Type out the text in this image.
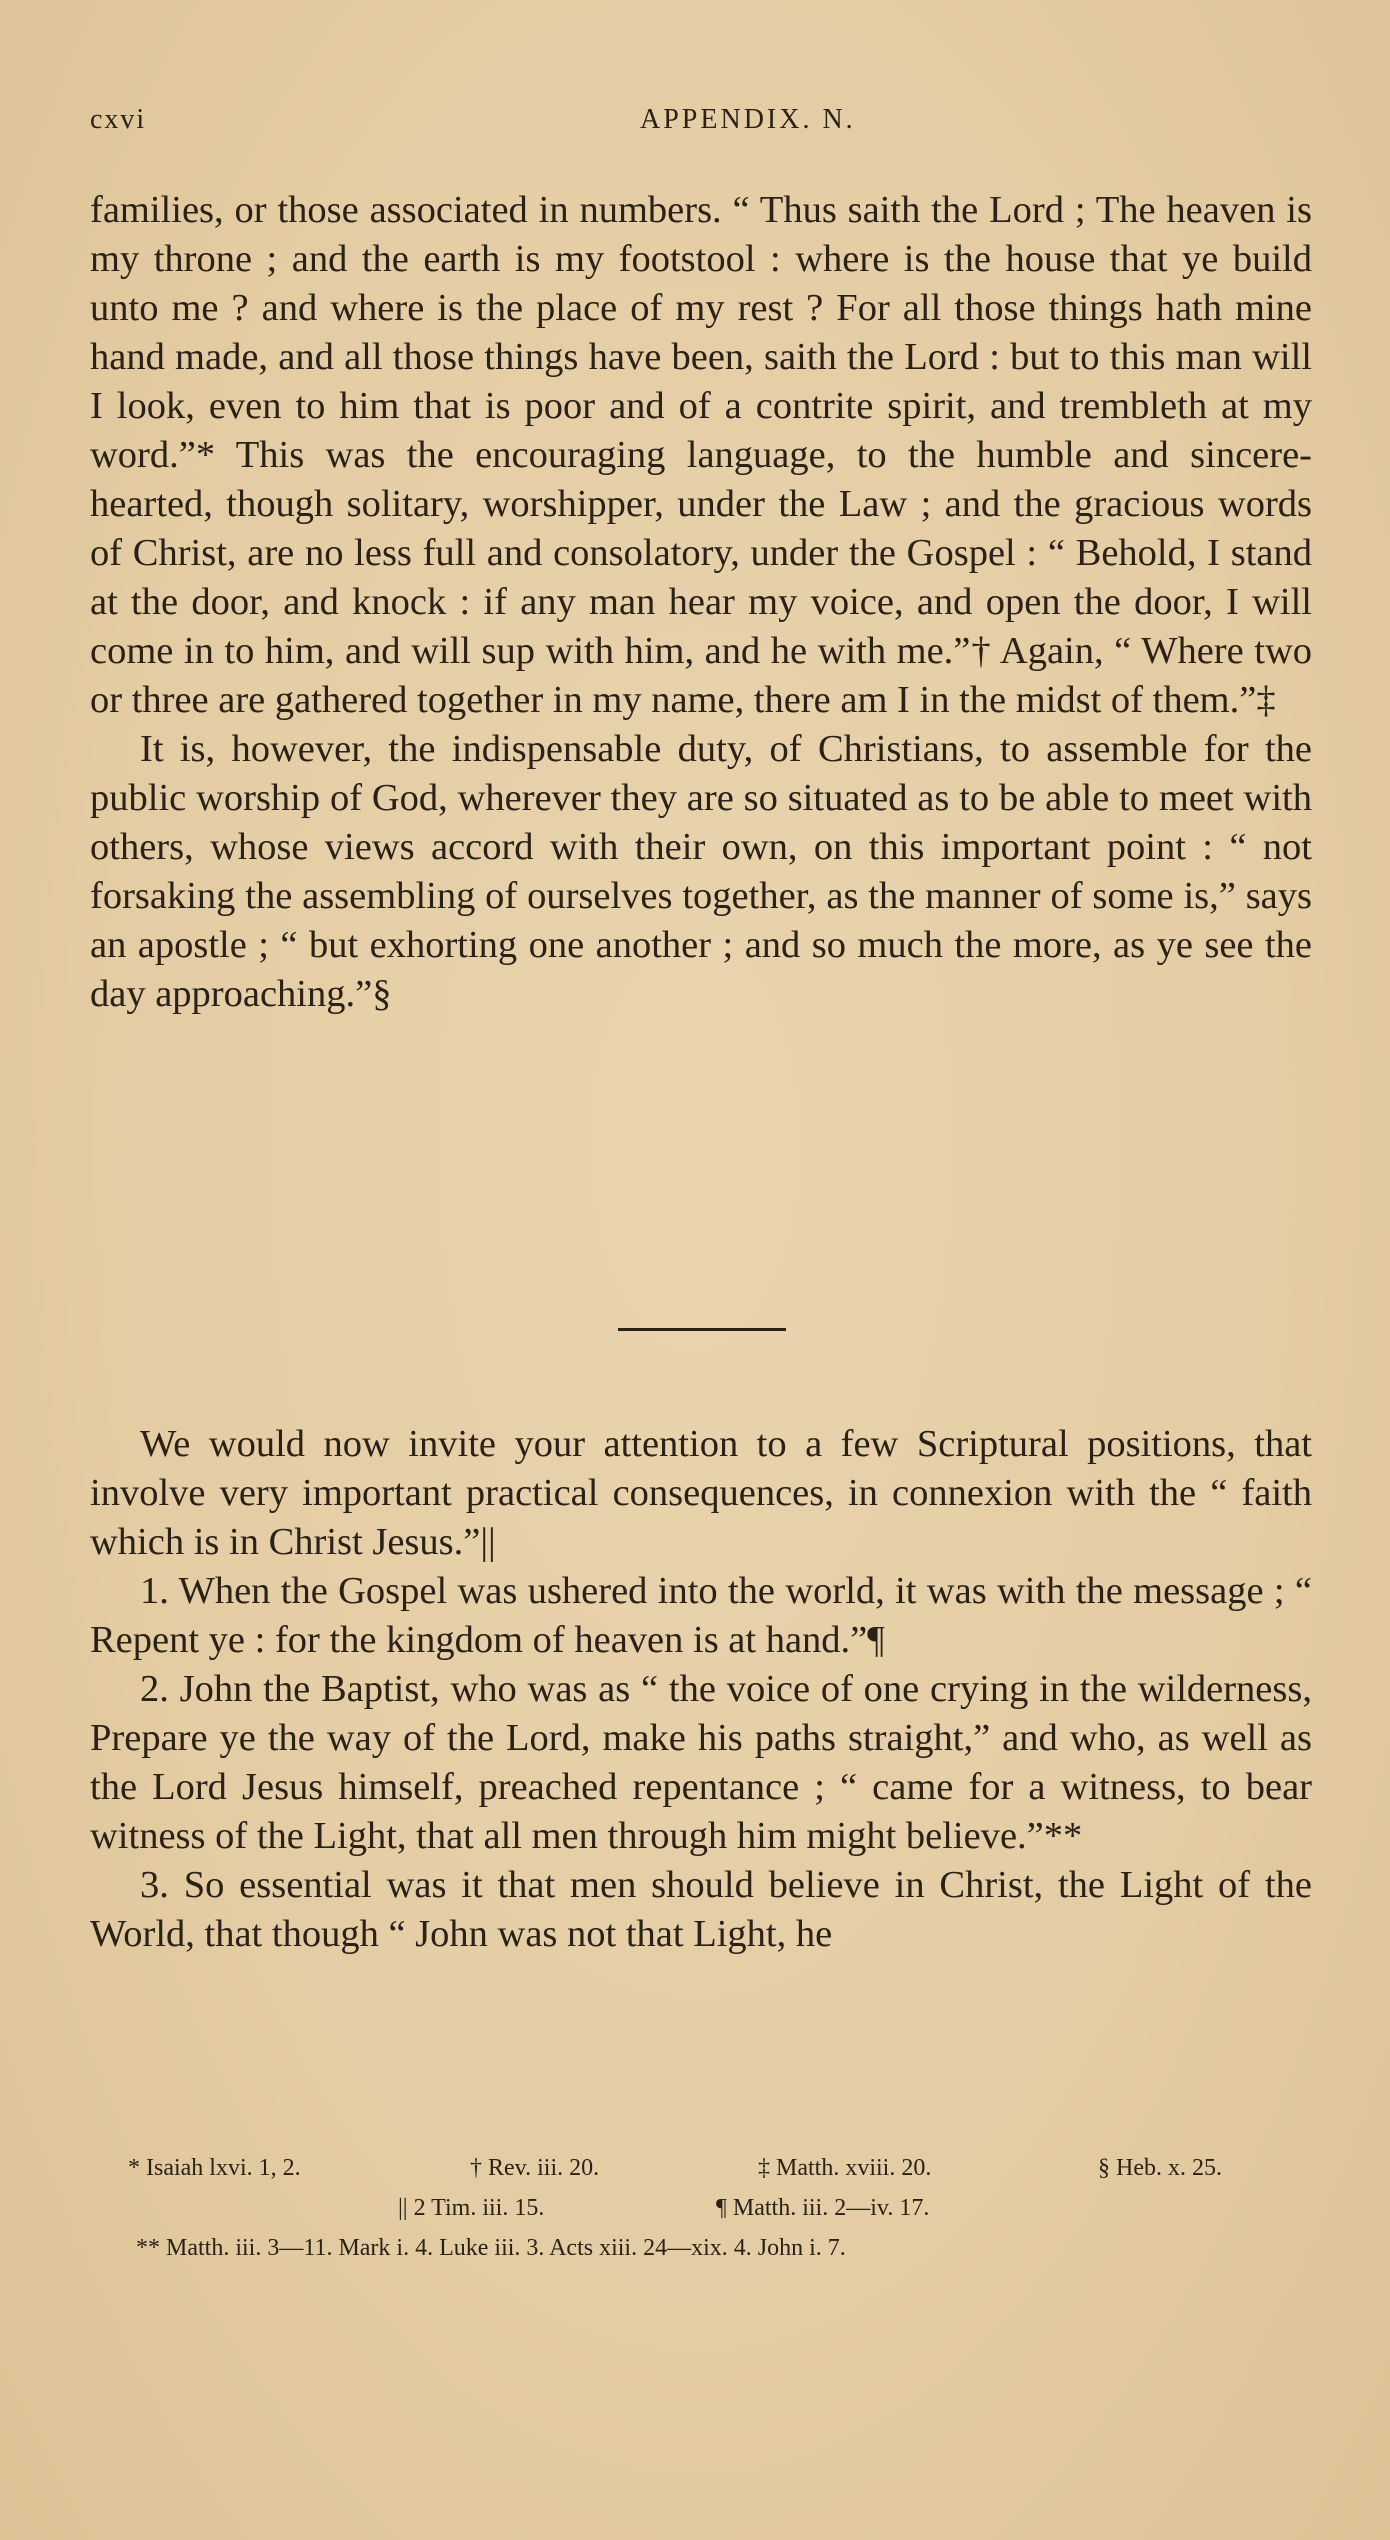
cxvi	APPENDIX. N.

families, or those associated in numbers. “ Thus saith the Lord ; The heaven is my throne ; and the earth is my footstool : where is the house that ye build unto me ? and where is the place of my rest ? For all those things hath mine hand made, and all those things have been, saith the Lord : but to this man will I look, even to him that is poor and of a contrite spirit, and trembleth at my word.”* This was the encouraging language, to the humble and sincere-hearted, though solitary, worshipper, under the Law ; and the gracious words of Christ, are no less full and consolatory, under the Gospel : “ Behold, I stand at the door, and knock : if any man hear my voice, and open the door, I will come in to him, and will sup with him, and he with me.”† Again, “ Where two or three are gathered together in my name, there am I in the midst of them.”‡

It is, however, the indispensable duty, of Christians, to assemble for the public worship of God, wherever they are so situated as to be able to meet with others, whose views accord with their own, on this important point : “ not forsaking the assembling of ourselves together, as the manner of some is,” says an apostle ; “ but exhorting one another ; and so much the more, as ye see the day approaching.”§

We would now invite your attention to a few Scriptural positions, that involve very important practical consequences, in connexion with the “ faith which is in Christ Jesus.”||

1. When the Gospel was ushered into the world, it was with the message ; “ Repent ye : for the kingdom of heaven is at hand.”¶

2. John the Baptist, who was as “ the voice of one crying in the wilderness, Prepare ye the way of the Lord, make his paths straight,” and who, as well as the Lord Jesus himself, preached repentance ; “ came for a witness, to bear witness of the Light, that all men through him might believe.”**

3. So essential was it that men should believe in Christ, the Light of the World, that though “ John was not that Light, he

* Isaiah lxvi. 1, 2.	† Rev. iii. 20.	‡ Matth. xviii. 20.	§ Heb. x. 25.
|| 2 Tim. iii. 15.	¶ Matth. iii. 2—iv. 17.
** Matth. iii. 3—11. Mark i. 4. Luke iii. 3. Acts xiii. 24—xix. 4. John i. 7.
